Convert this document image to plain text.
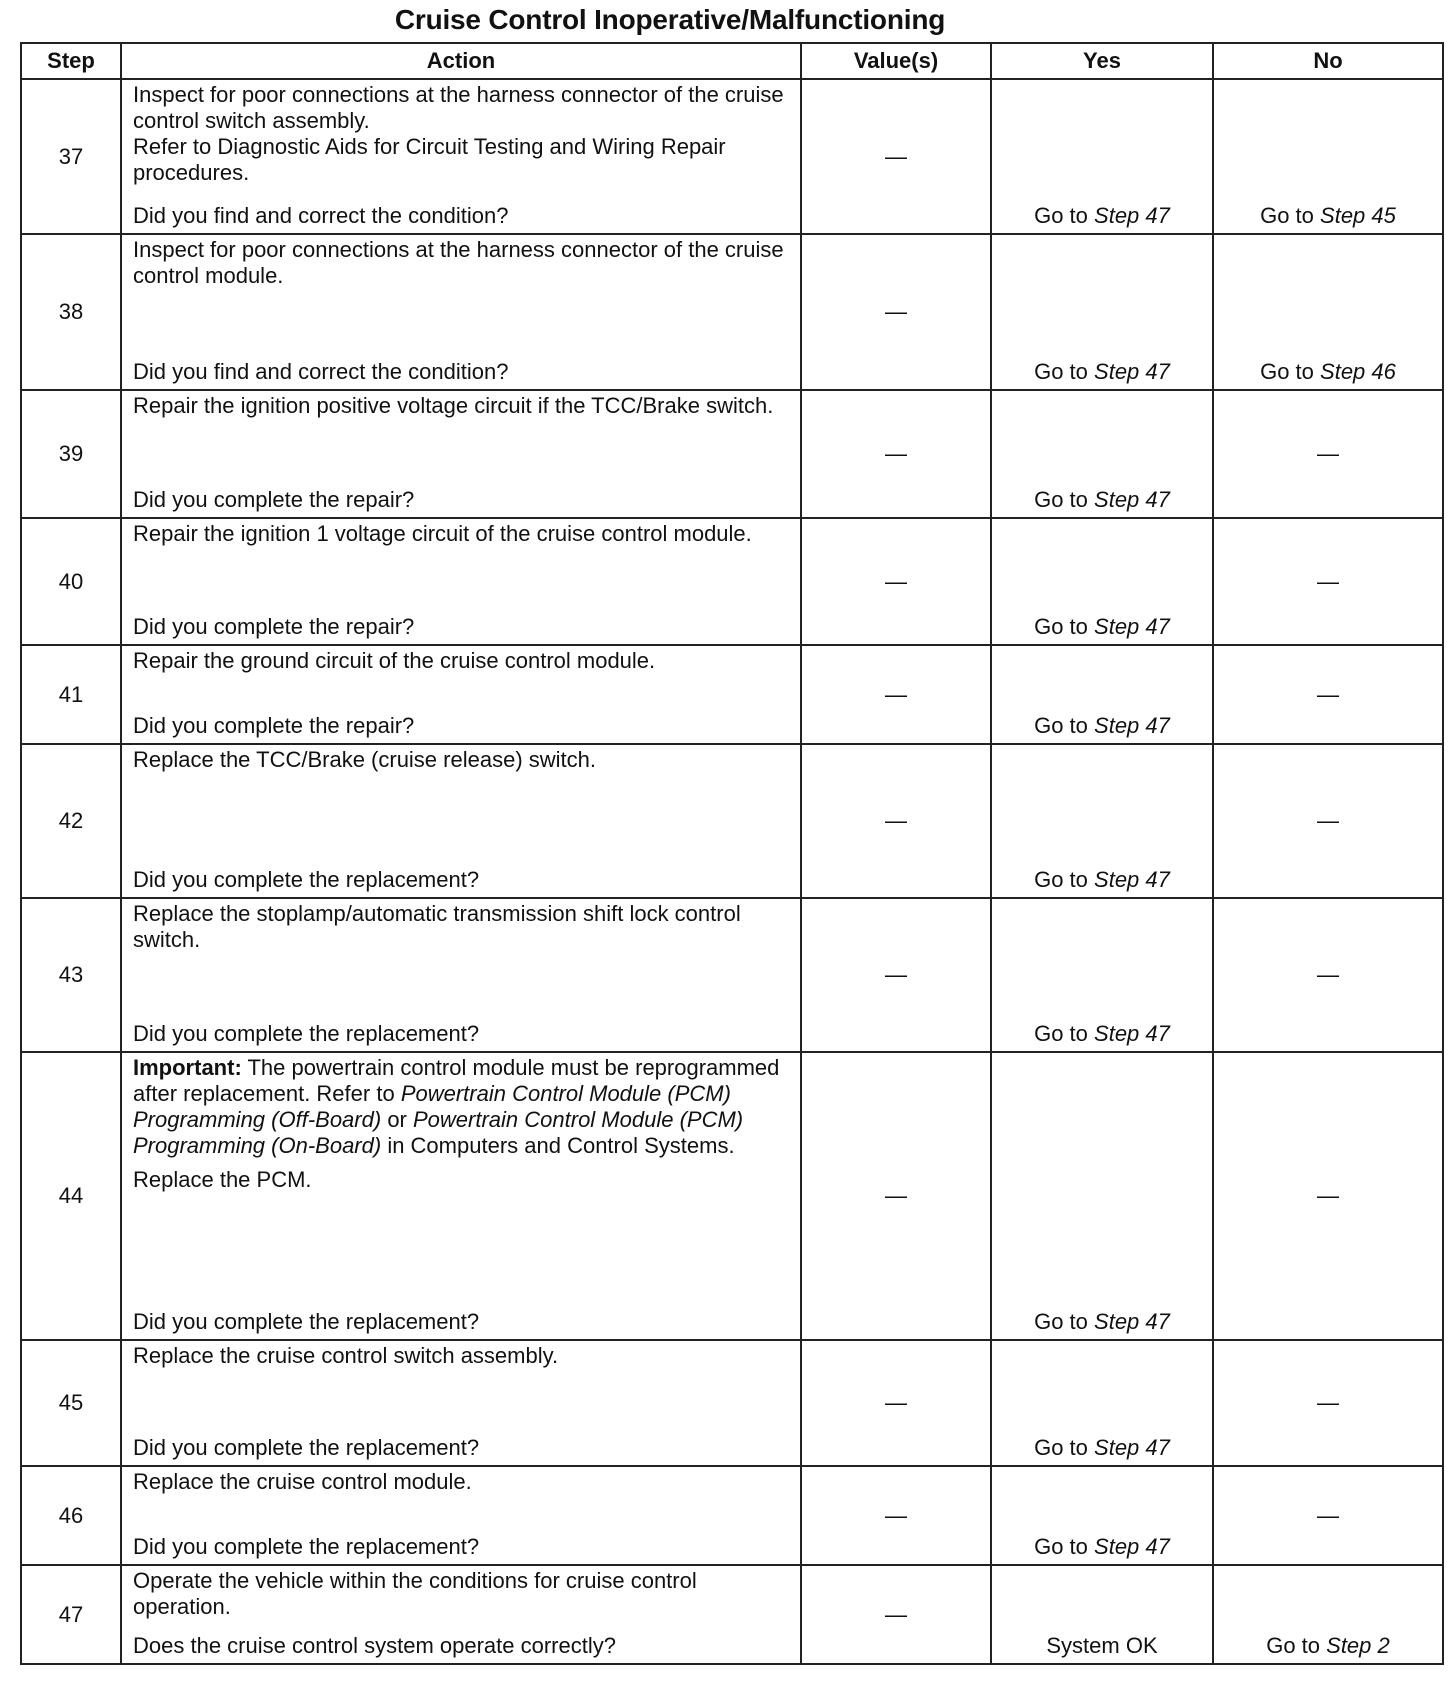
Cruise Control Inoperative/Malfunctioning
Step	Action	Value(s)	Yes	No
37	Inspect for poor connections at the harness connector of the cruise control switch assembly.
Refer to Diagnostic Aids for Circuit Testing and Wiring Repair procedures.
Did you find and correct the condition?	—	Go to Step 47	Go to Step 45
38	Inspect for poor connections at the harness connector of the cruise control module.
Did you find and correct the condition?	—	Go to Step 47	Go to Step 46
39	Repair the ignition positive voltage circuit if the TCC/Brake switch.
Did you complete the repair?	—	Go to Step 47	—
40	Repair the ignition 1 voltage circuit of the cruise control module.
Did you complete the repair?	—	Go to Step 47	—
41	Repair the ground circuit of the cruise control module.
Did you complete the repair?	—	Go to Step 47	—
42	Replace the TCC/Brake (cruise release) switch.
Did you complete the replacement?	—	Go to Step 47	—
43	Replace the stoplamp/automatic transmission shift lock control switch.
Did you complete the replacement?	—	Go to Step 47	—
44	Important: The powertrain control module must be reprogrammed after replacement. Refer to Powertrain Control Module (PCM) Programming (Off-Board) or Powertrain Control Module (PCM) Programming (On-Board) in Computers and Control Systems.
Replace the PCM.
Did you complete the replacement?	—	Go to Step 47	—
45	Replace the cruise control switch assembly.
Did you complete the replacement?	—	Go to Step 47	—
46	Replace the cruise control module.
Did you complete the replacement?	—	Go to Step 47	—
47	Operate the vehicle within the conditions for cruise control operation.
Does the cruise control system operate correctly?	—	System OK	Go to Step 2
